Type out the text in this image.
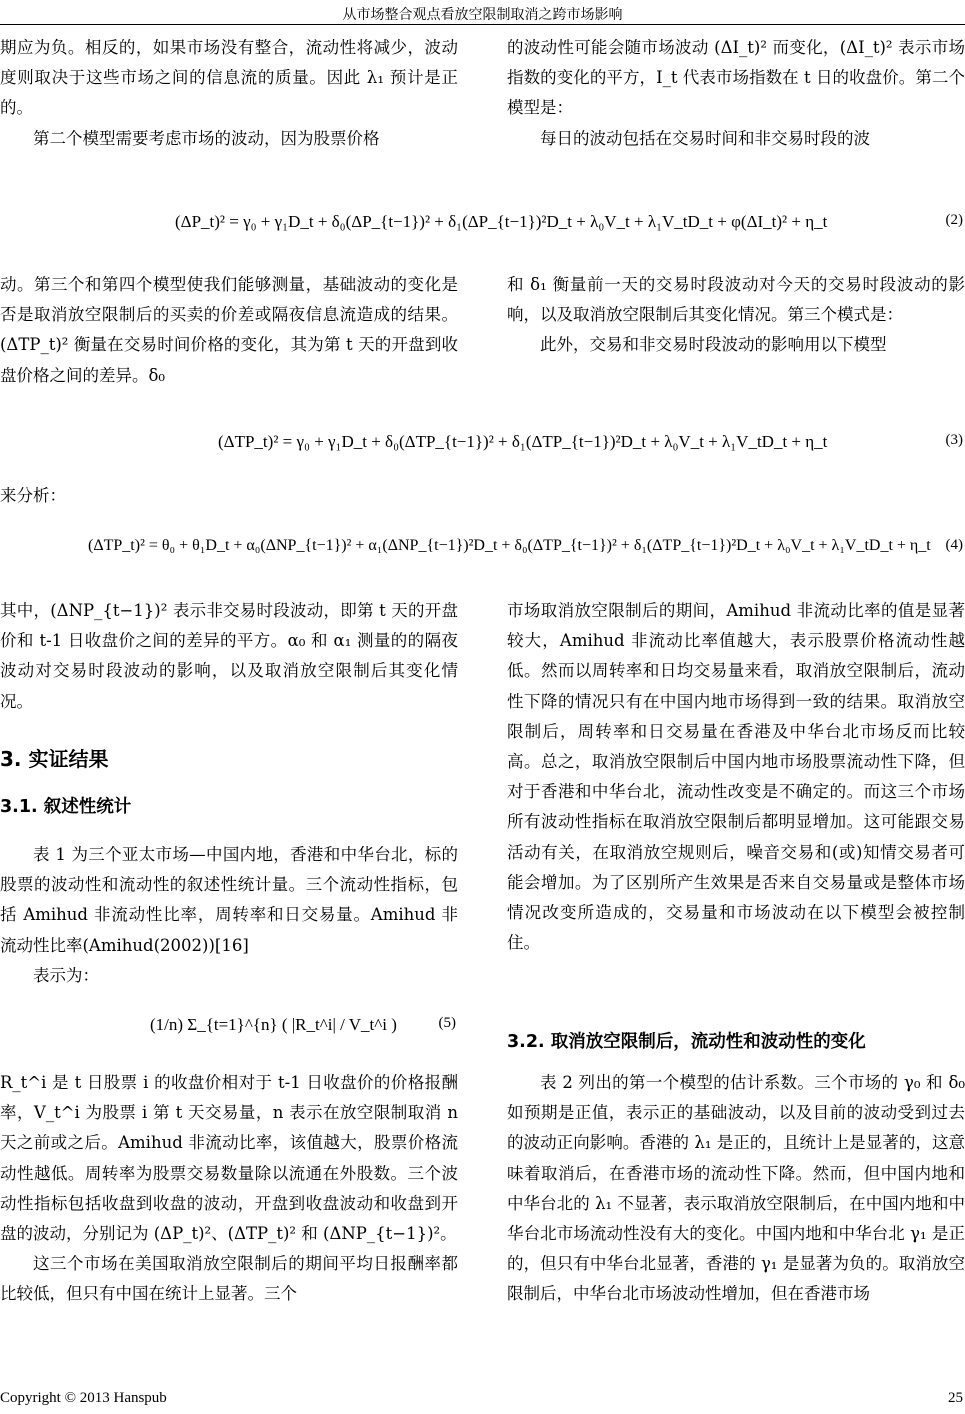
从市场整合观点看放空限制取消之跨市场影响

期应为负。相反的，如果市场没有整合，流动性将减少，波动度则取决于这些市场之间的信息流的质量。因此 λ₁ 预计是正的。

第二个模型需要考虑市场的波动，因为股票价格

的波动性可能会随市场波动 (ΔI_t)² 而变化，(ΔI_t)² 表示市场指数的变化的平方，I_t 代表市场指数在 t 日的收盘价。第二个模型是：

每日的波动包括在交易时间和非交易时段的波

(ΔP_t)² = γ₀ + γ₁D_t + δ₀(ΔP_{t−1})² + δ₁(ΔP_{t−1})²D_t + λ₀V_t + λ₁V_tD_t + φ(ΔI_t)² + η_t	(2)

动。第三个和第四个模型使我们能够测量，基础波动的变化是否是取消放空限制后的买卖的价差或隔夜信息流造成的结果。(ΔTP_t)² 衡量在交易时间价格的变化，其为第 t 天的开盘到收盘价格之间的差异。δ₀

和 δ₁ 衡量前一天的交易时段波动对今天的交易时段波动的影响，以及取消放空限制后其变化情况。第三个模式是：

此外，交易和非交易时段波动的影响用以下模型

(ΔTP_t)² = γ₀ + γ₁D_t + δ₀(ΔTP_{t−1})² + δ₁(ΔTP_{t−1})²D_t + λ₀V_t + λ₁V_tD_t + η_t	(3)
来分析：
(ΔTP_t)² = θ₀ + θ₁D_t + α₀(ΔNP_{t−1})² + α₁(ΔNP_{t−1})²D_t + δ₀(ΔTP_{t−1})² + δ₁(ΔTP_{t−1})²D_t + λ₀V_t + λ₁V_tD_t + η_t (4)

其中，(ΔNP_{t−1})² 表示非交易时段波动，即第 t 天的开盘价和 t-1 日收盘价之间的差异的平方。α₀ 和 α₁ 测量的的隔夜波动对交易时段波动的影响，以及取消放空限制后其变化情况。

3. 实证结果
3.1. 叙述性统计

表 1 为三个亚太市场—中国内地，香港和中华台北，标的股票的波动性和流动性的叙述性统计量。三个流动性指标，包括 Amihud 非流动性比率，周转率和日交易量。Amihud 非流动性比率(Amihud(2002))[16]

表示为：

(1/n) Σ_{t=1}^{n} ( |R_t^i| / V_t^i )	(5)

R_t^i 是 t 日股票 i 的收盘价相对于 t-1 日收盘价的价格报酬率，V_t^i 为股票 i 第 t 天交易量，n 表示在放空限制取消 n 天之前或之后。Amihud 非流动比率，该值越大，股票价格流动性越低。周转率为股票交易数量除以流通在外股数。三个波动性指标包括收盘到收盘的波动，开盘到收盘波动和收盘到开盘的波动，分别记为 (ΔP_t)²、(ΔTP_t)² 和 (ΔNP_{t−1})²。

这三个市场在美国取消放空限制后的期间平均日报酬率都比较低，但只有中国在统计上显著。三个

市场取消放空限制后的期间，Amihud 非流动比率的值是显著较大，Amihud 非流动比率值越大，表示股票价格流动性越低。然而以周转率和日均交易量来看，取消放空限制后，流动性下降的情况只有在中国内地市场得到一致的结果。取消放空限制后，周转率和日交易量在香港及中华台北市场反而比较高。总之，取消放空限制后中国内地市场股票流动性下降，但对于香港和中华台北，流动性改变是不确定的。而这三个市场所有波动性指标在取消放空限制后都明显增加。这可能跟交易活动有关，在取消放空规则后，噪音交易和(或)知情交易者可能会增加。为了区别所产生效果是否来自交易量或是整体市场情况改变所造成的，交易量和市场波动在以下模型会被控制住。

3.2. 取消放空限制后，流动性和波动性的变化

表 2 列出的第一个模型的估计系数。三个市场的 γ₀ 和 δ₀ 如预期是正值，表示正的基础波动，以及目前的波动受到过去的波动正向影响。香港的 λ₁ 是正的，且统计上是显著的，这意味着取消后，在香港市场的流动性下降。然而，但中国内地和中华台北的 λ₁ 不显著，表示取消放空限制后，在中国内地和中华台北市场流动性没有大的变化。中国内地和中华台北 γ₁ 是正的，但只有中华台北显著，香港的 γ₁ 是显著为负的。取消放空限制后，中华台北市场波动性增加，但在香港市场

Copyright © 2013 Hanspub	25
